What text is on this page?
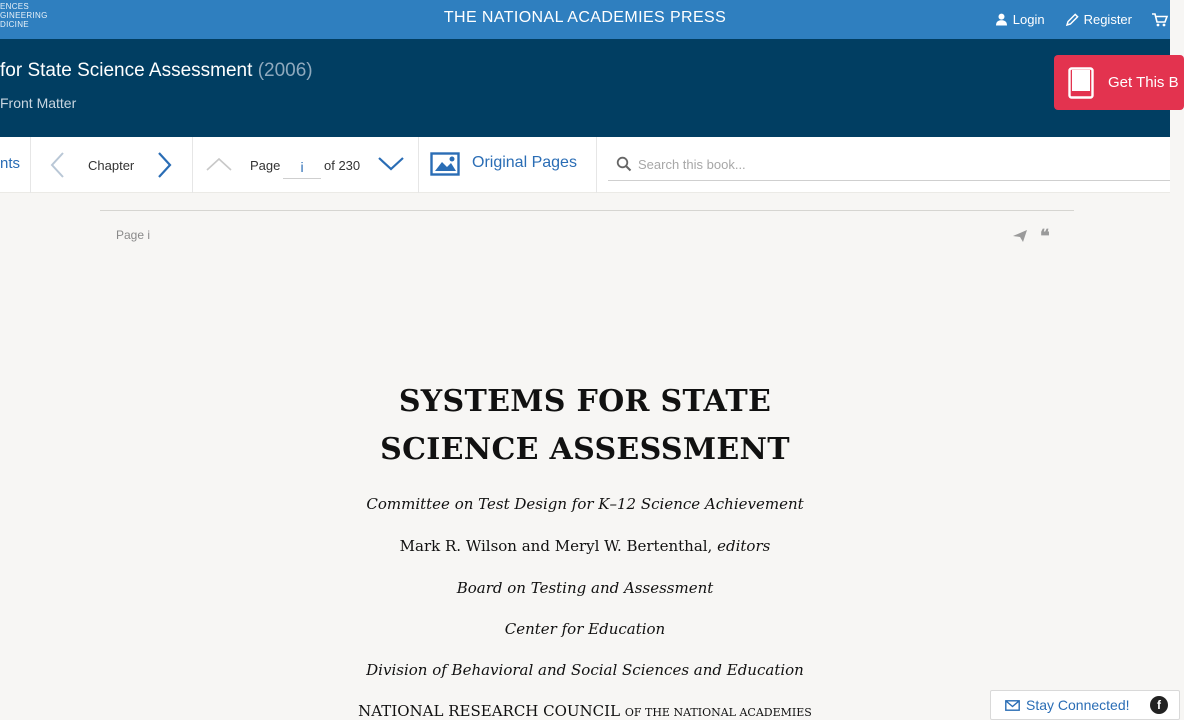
ENCES
GINEERING
DICINE	THE NATIONAL ACADEMIES PRESS	Login	Register
for State Science Assessment (2006)
Front Matter
Get This B
nts	Chapter	Page
i	of 230	Original Pages
Search this book...
Page i	❝
SYSTEMS FOR STATE
SCIENCE ASSESSMENT
Committee on Test Design for K–12 Science Achievement
Mark R. Wilson and Meryl W. Bertenthal, editors
Board on Testing and Assessment
Center for Education
Division of Behavioral and Social Sciences and Education
NATIONAL RESEARCH COUNCIL OF THE NATIONAL ACADEMIES	Stay Connected!	f
